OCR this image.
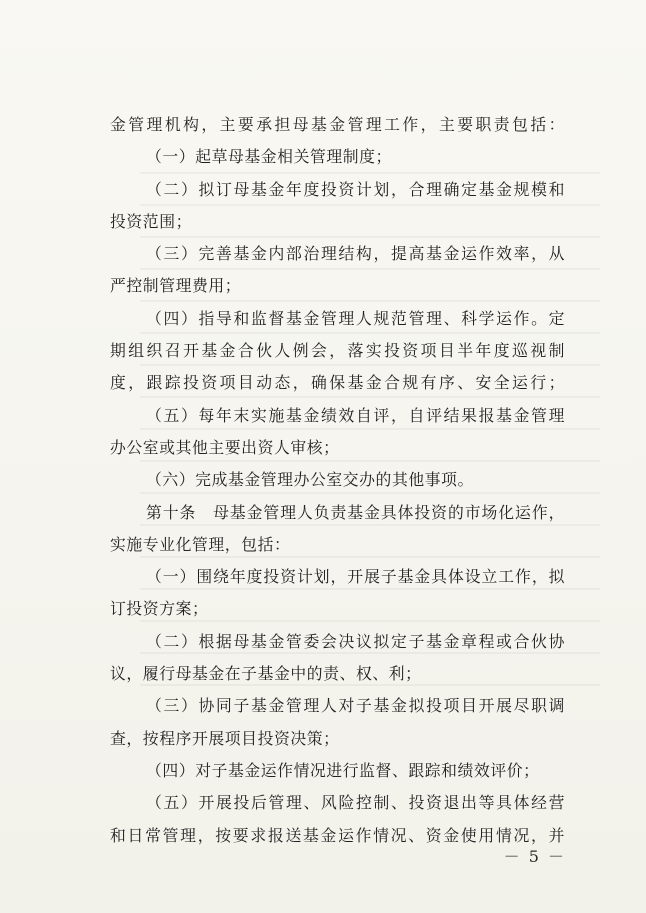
金管理机构，主要承担母基金管理工作，主要职责包括：
（一）起草母基金相关管理制度；
（二）拟订母基金年度投资计划，合理确定基金规模和
投资范围；
（三）完善基金内部治理结构，提高基金运作效率，从
严控制管理费用；
（四）指导和监督基金管理人规范管理、科学运作。定
期组织召开基金合伙人例会，落实投资项目半年度巡视制
度，跟踪投资项目动态，确保基金合规有序、安全运行；
（五）每年末实施基金绩效自评，自评结果报基金管理
办公室或其他主要出资人审核；
（六）完成基金管理办公室交办的其他事项。
第十条　母基金管理人负责基金具体投资的市场化运作，
实施专业化管理，包括：
（一）围绕年度投资计划，开展子基金具体设立工作，拟
订投资方案；
（二）根据母基金管委会决议拟定子基金章程或合伙协
议，履行母基金在子基金中的责、权、利；
（三）协同子基金管理人对子基金拟投项目开展尽职调
查，按程序开展项目投资决策；
（四）对子基金运作情况进行监督、跟踪和绩效评价；
（五）开展投后管理、风险控制、投资退出等具体经营
和日常管理，按要求报送基金运作情况、资金使用情况，并
－ 5 －
